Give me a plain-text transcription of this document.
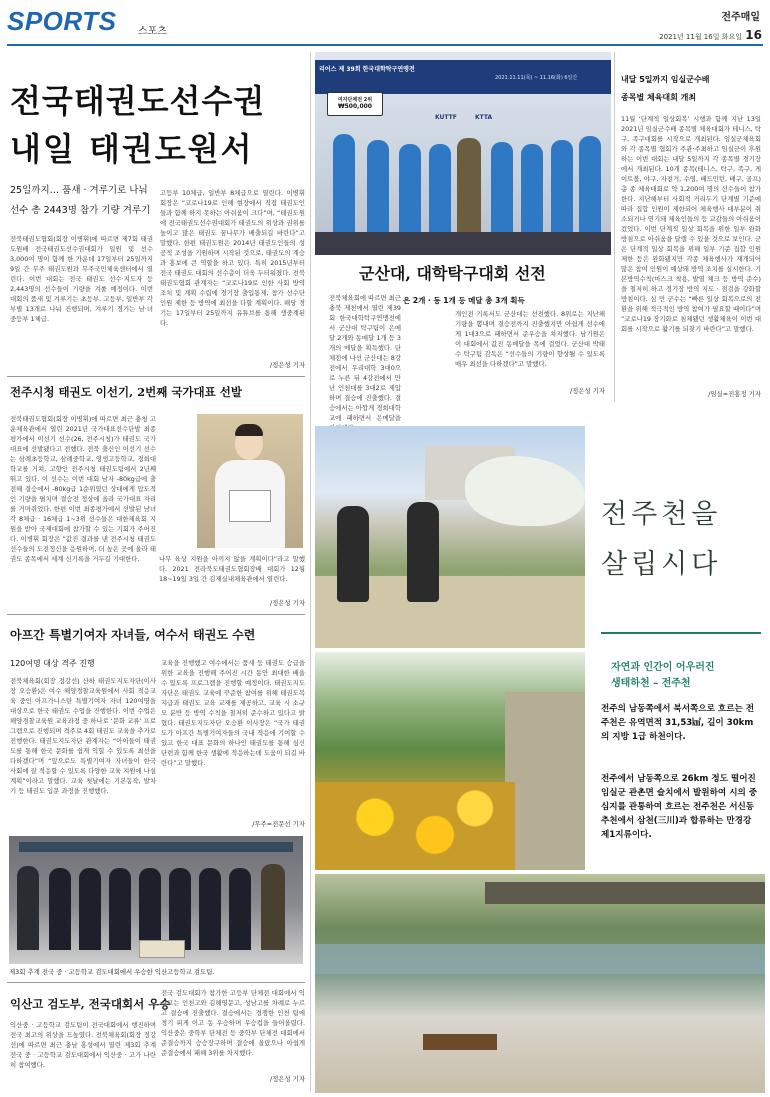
SPORTS 스포츠
전주매일
2021년 11월 16일 화요일 16
전국태권도선수권
내일 태권도원서
25일까지… 품새 · 겨루기로 나눠
선수 총 2443명 참가 기량 겨루기
전북태권도협회(회장 이병휘)에 따르면 제7회 태권도원배 전국태권도선수권대회가 일원 및 선수 3,000여 명이 함께 한 가운데 17일부터 25일까지 9일 간 무주 태권도원과 무주국민체육센터에서 열린다. 이번 대회는 전국 태권도 선수·지도자 등 2,443명의 선수들이 기량을 겨룰 예정이다. 이번 대회의 품새 및 겨루기는 초등부, 고등부, 일반부 각 부별 13개로 나눠 진행되며, 겨루기 경기는 남·녀 중등부 1체급.
고등부 10체급, 일반부 8체급으로 열린다. 이병휘 회장은 “코로나19로 인해 현장에서 직접 태권도인들과 함께 하지 못하는 아쉬움이 크다”며, “태권도원에 전국태권도선수권대회가 태권도의 위상과 권위를 높이고 많은 태권도 꿈나무가 배출되길 바란다”고 말했다. 한편 태권도원은 2014년 태권도인들의 성공적 조성을 기원하며 시작된 것으로, 태권도의 계승과 홍보에 큰 역할을 하고 있다. 특히 2015년부터 전국 태권도 대회의 선수층이 더욱 두터워졌다. 전북태권도협회 관계자는 “코로나19로 인한 사회 방역 조치 및 계획 수립에 경기장 출입통제, 참가 선수단 인원 제한 등 방역에 최선을 다할 계획이다. 해당 경기는 17일부터 25일까지 유튜브를 통해 생중계된다.
/정은성 기자
리어스 제 39회 한국대학탁구연맹전
2021.11.11(목) ~ 11.16(화) 6일간
여자단체전 2위
₩500,000
KUTTF	KTTA
군산대, 대학탁구대회 선전
전북체육회에 따르면 최근 충북 제천에서 열린 제39회 한국대학탁구연맹전에서 군산대 탁구팀이 은메달 2개와 동메달 1개 등 3개의 메달을 획득했다. 단체전에 나선 군산대는 8강전에서 우리대학 3대0으로 누른 뒤 4강전에서 만난 인천대를 3대2로 제압하며 결승에 진출했다. 결승에서는 아깝게 경희대학교에 패하면서 은메달을
은 2개 · 동 1개 등 메달 총 3개 획득
개인전 기록서도 군산대는 선전했다. 8위로는 지난해 기량을 뽐내며 결승전까지 진출했지만 아쉽게 선수에게 1대3으로 패하면서 준우승을 차지했다. 남기원은 이 대회에서 값진 동메달을 목에 걸었다. 군산대 박태수 탁구팀 감독은 “선수들의 기량이 향상될 수 있도록 매우 최선을 다하겠다”고 말했다.
/정은성 기자
내달 5일까지 임실군수배
종목별 체육대회 개최
11월 ‘단계적 일상회복’ 시행과 함께 지난 13일 2021년 임실군수배 종목별 체육대회가 테니스, 탁구, 족구대회를 시작으로 개최된다. 임실군체육회와 각 종목별 협회가 주관·주최하고 임실군이 후원하는 이번 대회는 내달 5일까지 각 종목별 경기장에서 개최된다. 10개 종목(테니스, 탁구, 족구, 게이트볼, 야구, 자전거, 수영, 배드민턴, 배구, 골프) 총 종 체육대회로 약 1,200여 명의 선수들이 참가한다. 지난해부터 사회적 거리두기 단계별 기준에 따라 집합 인원이 제한되어 체육행사 대부분이 취소되거나 연기돼 체육인들의 등 교감들의 아쉬움이 컸었다. 이번 단계적 일상 회복을 위한 일부 완화 방침으로 아쉬움을 달랠 수 있을 것으로 보인다. 군은 단계적 일상 회복을 위해 일부 기준 집합 인원 제한 등은 완화됐지만 각종 체육행사가 재개되어 많은 참여 인원이 예상돼 방역 조치를 실시한다. 기본방역수칙(마스크 착용, 발열 체크 등 방역 준수)을 철저히 하고 경기장 방역 지도 · 점검을 강화할 방침이다. 심 민 군수는 “빠른 일상 회복으로의 전환을 위해 적극적인 방역 참여가 필요할 때이다”며 “코로나19 장기화로 침체됐던 생활체육이 이번 대회를 시작으로 활기를 되찾기 바란다”고 말했다.
/임실=진홍정 기자
전주시청 태권도 이선기, 2번째 국가대표 선발
전북태권도협회(회장 이병휘)에 따르면 최근 충청 고운체육관에서 열린 2021년 국가대표선수단발 최종평가에서 이선기 선수(26, 전주시청)가 태권도 국가대표에 선발됐다고 전했다. 전북 출신인 이선기 선수는 삼례초등학교, 삼례중학교, 영생고등학교, 경희대학교를 거쳐, 고향인 전주시청 태권도팀에서 2년째 뛰고 있다. 이 선수는 이번 대회 남자 -80kg급에 출전해 결승에서 -80kg급 1순위였던 상대에게 압도적인 기량을 펼치며 결승전 정상에 올라 국가대표 자리를 거머쥐었다. 한편 이번 최종평가에서 선발된 남녀 각 8체급 · 16체급 1~3위 선수들은 대한체육회 지원을 받아 국제대회에 참가할 수 있는 기회가 주어진다. 이병휘 회장은 “값진 결과를 낸 전주시청 태권도 선수들의 도전정신을 응원하며, 더 높은 곳에 올라 태권도 종목에서 세계 신기록을 거두길 기대한다.	나무 육상 지원을 아끼지 않을 계획이다”라고 말했다. 2021 전라북도태권도협회장배 대회가 12월 18~19일 3일 간 김제실내체육관에서 열린다.
/정은성 기자
아프간 특별기여자 자녀들, 여수서 태권도 수련
120여명 대상 격주 진행
전북체육회(회장 정강선) 산하 태권도지도자단(이사장 오승환)은 여수 해양경찰교육원에서 사회 적응교육 중인 아프가니스탄 특별기여자 자녀 120여명을 대상으로 한국 태권도 수업을 진행한다. 이번 수업은 해양경찰교육원 교육과정 중 하나로 ‘문화 교류’ 프로그램으로 진행되며 격주로 4회 태권도 교육을 추가로 진행한다. 태권도지도자단 관계자는 “아이들이 태권도를 통해 한국 문화를 쉽게 익힐 수 있도록 최선을 다하겠다”며 “앞으로도 특별기여자 자녀들이 한국 사회에 잘 적응할 수 있도록 다양한 교육 지원에 나설 계획”이라고 말했다. 교육 첫날에는 기본동작, 발차기 등 태권도 입문 과정을 진행했다.
교육을 진행했고 여수에서는 품새 등 태권도 승급을 위한 교육을 진행해 주어진 시간 동안 최대한 배울 수 있도록 프로그램을 진행할 예정이다. 태권도지도자단은 태권도 교육에 꾸준한 참여를 위해 태권도복 지급과 태권도 교육 교재를 제공하고, 교육 시 소규모 분반 등 방역 수칙을 철저히 준수하고 있다고 밝혔다. 태권도지도자단 오승환 이사장은 “국가 태권도가 아프간 특별기여자들의 국내 적응에 기여할 수 있고 한국 대표 문화의 하나인 태권도를 통해 심신 단련과 함께 한국 생활에 적응하는데 도움이 되길 바란다”고 말했다.
/무주=전문선 기자
제3회 추계 전국 중 · 고등학교 검도대회에서 우승한 익산고등학교 검도팀.
익산고 검도부, 전국대회서 우승
익산중 · 고등학교 검도팀이 전국대회에서 행진하며 전국 최고의 위상을 드높였다. 전북체육회(회장 정강선)에 따르면 최근 충남 홍성에서 열린 제3회 추계 전국 중 · 고등학교 검도대회에서 익산중 · 고가 나란히 참여했다.
전국 검도대회가 참가한 고등부 단체전 대회에서 익산고는 인천고와 김해영문고, 성남고를 차례로 누르고 결승에 진출했다. 결승에서는 경쟁한 인천 팀에 경기 피게 이고 동 우승하며 우승컵을 들어올렸다. 익산중은 중학부 단체전 등 중학부 단체전 대회에서 준결승까지 승승장구하며 결승에 올랐으나 아쉽게 준결승에서 패해 3위를 차지했다.
/정은성 기자
전주천을
살립시다
자연과 인간이 어우러진
생태하천 – 전주천
전주의 남동쪽에서 북서쪽으로 흐르는 전주천은 유역면적 31,53㎢, 길이 30km의 지방 1급 하천이다.
전주에서 남동쪽으로 26km 정도 떨어진 임실군 관촌면 슬치에서 발원하여 시의 중심지를 관통하여 흐르는 전주천은 서신동 추천에서 삼천(三川)과 합류하는 만경강 제1지류이다.
